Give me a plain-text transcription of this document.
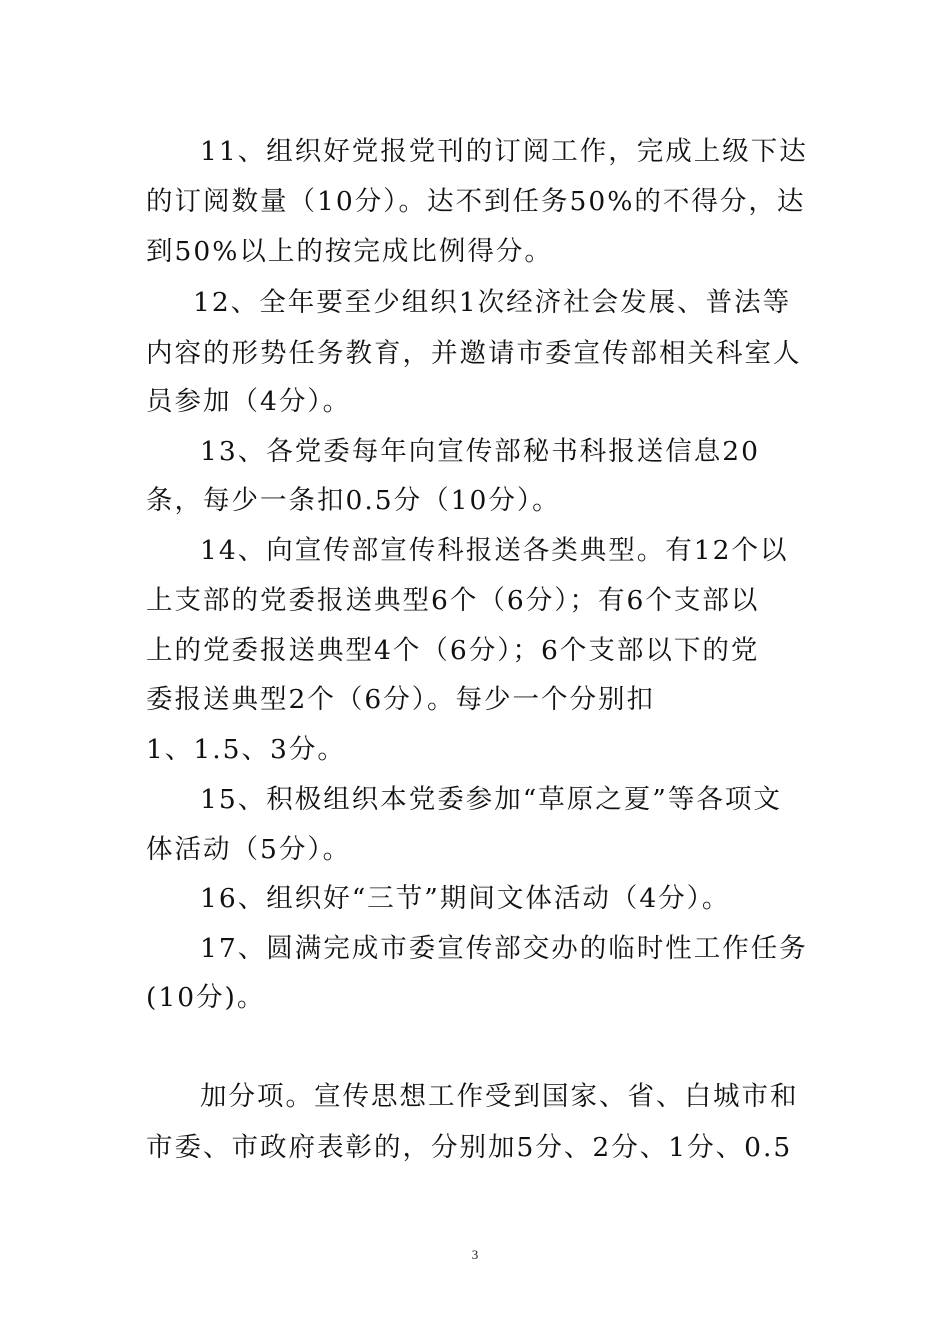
11、组织好党报党刊的订阅工作，完成上级下达
的订阅数量（10分）。达不到任务50%的不得分，达
到50%以上的按完成比例得分。
12、全年要至少组织1次经济社会发展、普法等
内容的形势任务教育，并邀请市委宣传部相关科室人
员参加（4分）。
13、各党委每年向宣传部秘书科报送信息20
条，每少一条扣0.5分（10分）。
14、向宣传部宣传科报送各类典型。有12个以
上支部的党委报送典型6个（6分）；有6个支部以
上的党委报送典型4个（6分）；6个支部以下的党
委报送典型2个（6分）。每少一个分别扣
1、1.5、3分。
15、积极组织本党委参加“草原之夏”等各项文
体活动（5分）。
16、组织好“三节”期间文体活动（4分）。
17、圆满完成市委宣传部交办的临时性工作任务
(10分)。
加分项。宣传思想工作受到国家、省、白城市和
市委、市政府表彰的，分别加5分、2分、1分、0.5
3
